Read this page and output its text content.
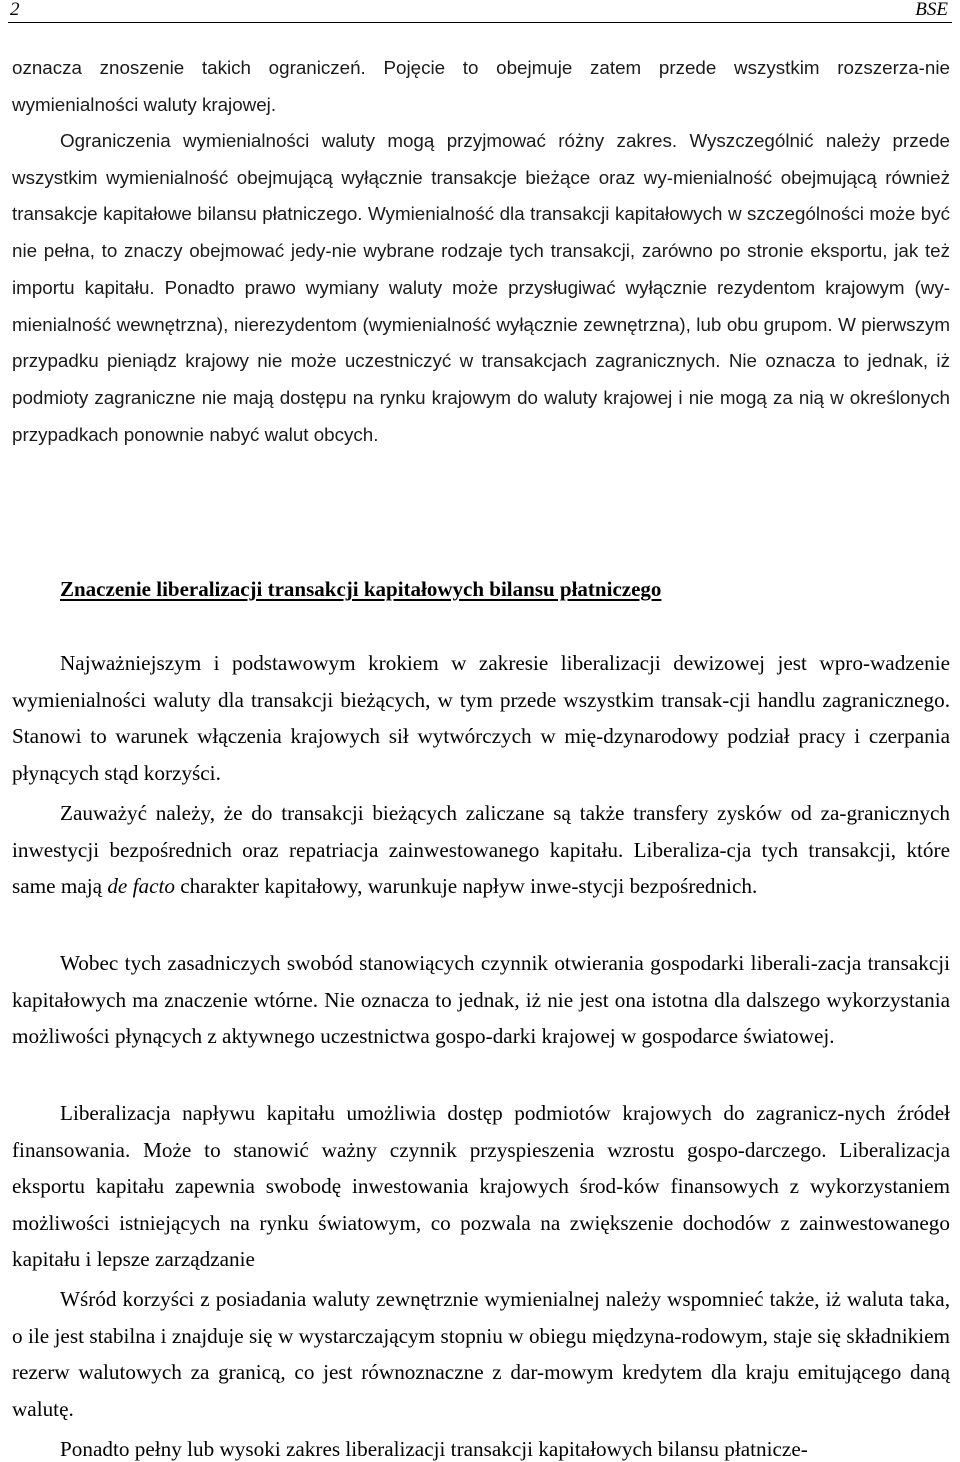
2	BSE

oznacza znoszenie takich ograniczeń. Pojęcie to obejmuje zatem przede wszystkim rozszerza-nie wymienialności waluty krajowej.

Ograniczenia wymienialności waluty mogą przyjmować różny zakres. Wyszczególnić należy przede wszystkim wymienialność obejmującą wyłącznie transakcje bieżące oraz wy-mienialność obejmującą również transakcje kapitałowe bilansu płatniczego. Wymienialność dla transakcji kapitałowych w szczególności może być nie pełna, to znaczy obejmować jedy-nie wybrane rodzaje tych transakcji, zarówno po stronie eksportu, jak też importu kapitału. Ponadto prawo wymiany waluty może przysługiwać wyłącznie rezydentom krajowym (wy-mienialność wewnętrzna), nierezydentom (wymienialność wyłącznie zewnętrzna), lub obu grupom. W pierwszym przypadku pieniądz krajowy nie może uczestniczyć w transakcjach zagranicznych. Nie oznacza to jednak, iż podmioty zagraniczne nie mają dostępu na rynku krajowym do waluty krajowej i nie mogą za nią w określonych przypadkach ponownie nabyć walut obcych.

Znaczenie liberalizacji transakcji kapitałowych bilansu płatniczego

Najważniejszym i podstawowym krokiem w zakresie liberalizacji dewizowej jest wpro-wadzenie wymienialności waluty dla transakcji bieżących, w tym przede wszystkim transak-cji handlu zagranicznego. Stanowi to warunek włączenia krajowych sił wytwórczych w mię-dzynarodowy podział pracy i czerpania płynących stąd korzyści.

Zauważyć należy, że do transakcji bieżących zaliczane są także transfery zysków od za-granicznych inwestycji bezpośrednich oraz repatriacja zainwestowanego kapitału. Liberaliza-cja tych transakcji, które same mają de facto charakter kapitałowy, warunkuje napływ inwe-stycji bezpośrednich.

Wobec tych zasadniczych swobód stanowiących czynnik otwierania gospodarki liberali-zacja transakcji kapitałowych ma znaczenie wtórne. Nie oznacza to jednak, iż nie jest ona istotna dla dalszego wykorzystania możliwości płynących z aktywnego uczestnictwa gospo-darki krajowej w gospodarce światowej.

Liberalizacja napływu kapitału umożliwia dostęp podmiotów krajowych do zagranicz-nych źródeł finansowania. Może to stanowić ważny czynnik przyspieszenia wzrostu gospo-darczego. Liberalizacja eksportu kapitału zapewnia swobodę inwestowania krajowych środ-ków finansowych z wykorzystaniem możliwości istniejących na rynku światowym, co pozwala na zwiększenie dochodów z zainwestowanego kapitału i lepsze zarządzanie

Wśród korzyści z posiadania waluty zewnętrznie wymienialnej należy wspomnieć także, iż waluta taka, o ile jest stabilna i znajduje się w wystarczającym stopniu w obiegu międzyna-rodowym, staje się składnikiem rezerw walutowych za granicą, co jest równoznaczne z dar-mowym kredytem dla kraju emitującego daną walutę.

Ponadto pełny lub wysoki zakres liberalizacji transakcji kapitałowych bilansu płatnicze-
